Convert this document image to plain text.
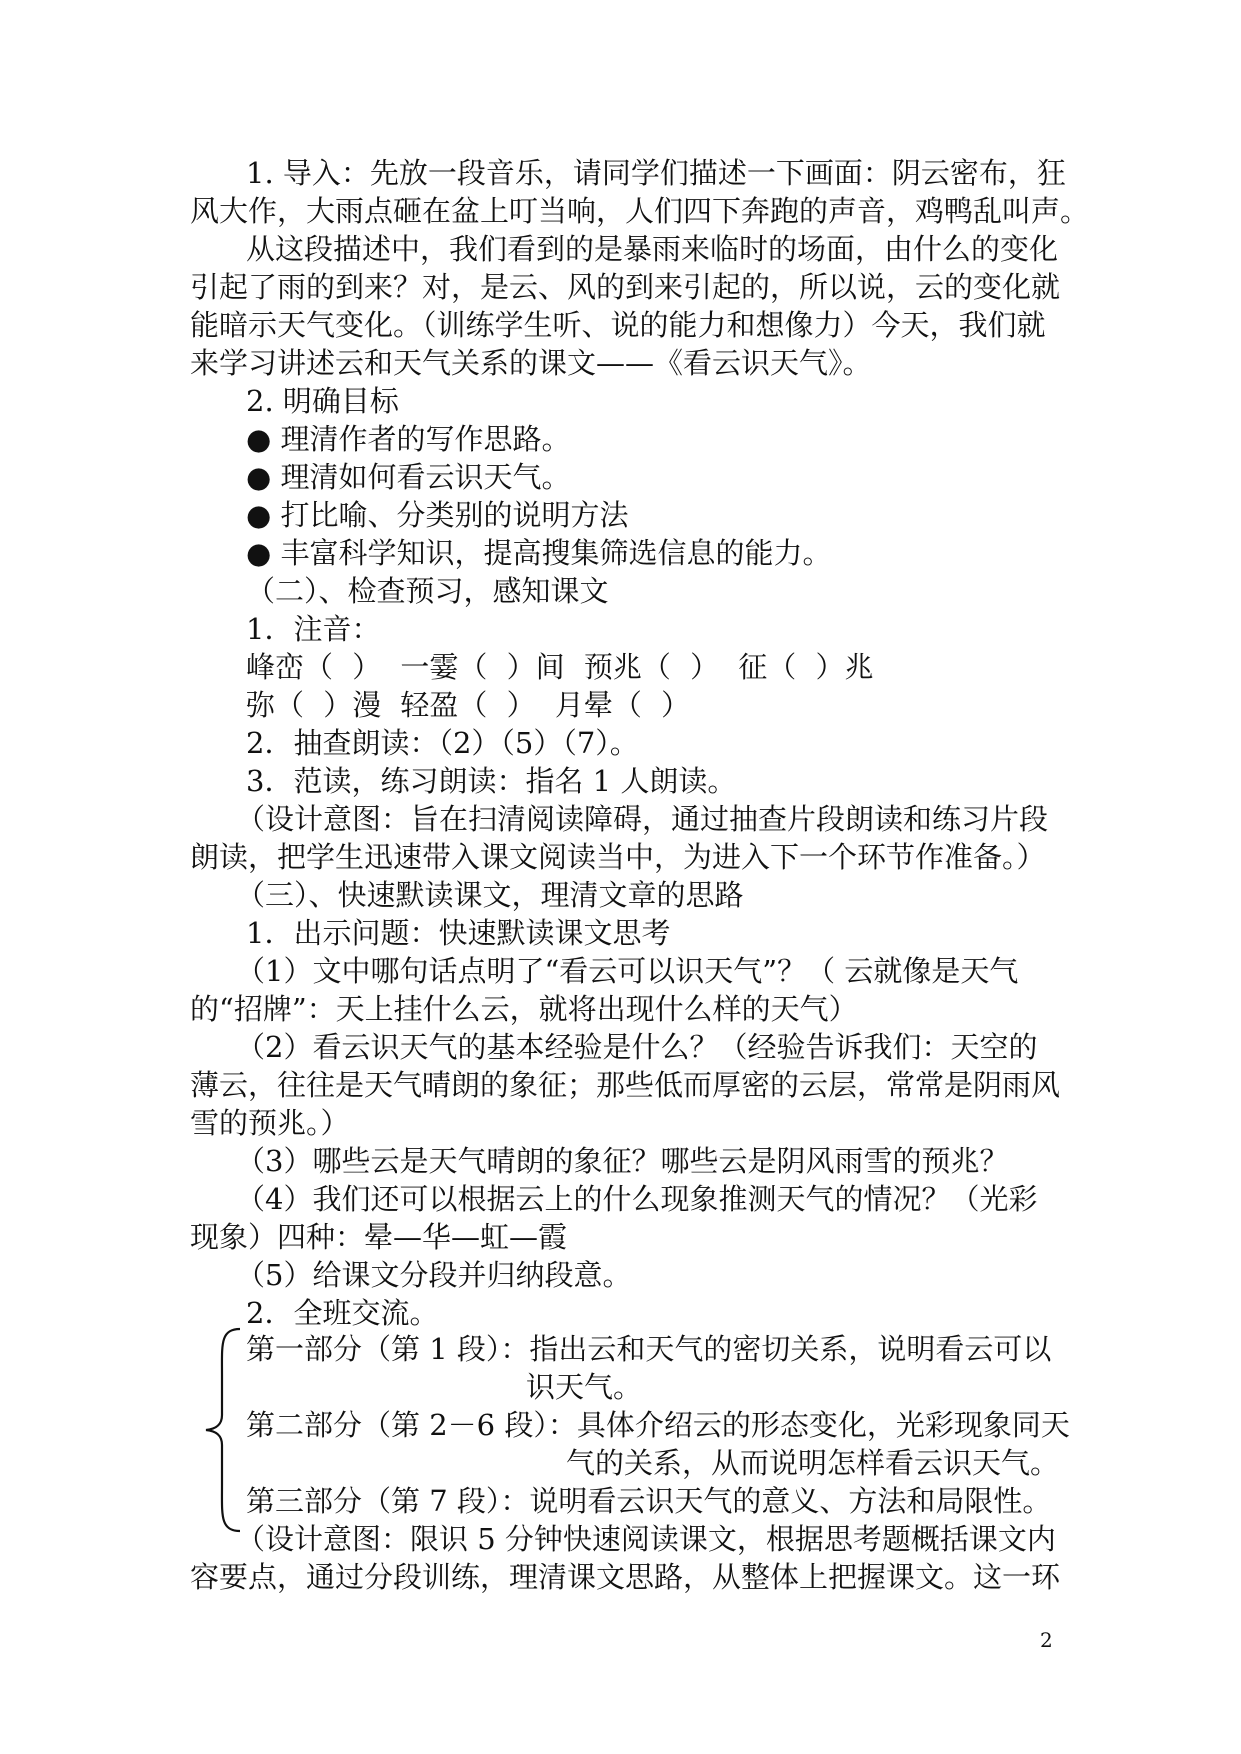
1. 导入：先放一段音乐，请同学们描述一下画面：阴云密布，狂
风大作，大雨点砸在盆上叮当响，人们四下奔跑的声音，鸡鸭乱叫声。
从这段描述中，我们看到的是暴雨来临时的场面，由什么的变化
引起了雨的到来？对，是云、风的到来引起的，所以说，云的变化就
能暗示天气变化。（训练学生听、说的能力和想像力）今天，我们就
来学习讲述云和天气关系的课文——《看云识天气》。
2. 明确目标
● 理清作者的写作思路。
● 理清如何看云识天气。
● 打比喻、分类别的说明方法
● 丰富科学知识，提高搜集筛选信息的能力。
（二）、检查预习，感知课文
1．注音：
峰峦（ ） 一霎（ ）间 预兆（ ） 征（ ）兆
弥（ ）漫 轻盈（ ） 月晕（ ）
2．抽查朗读：（2）（5）（7）。
3．范读，练习朗读：指名 1 人朗读。
（设计意图：旨在扫清阅读障碍，通过抽查片段朗读和练习片段
朗读，把学生迅速带入课文阅读当中，为进入下一个环节作准备。）
（三）、快速默读课文，理清文章的思路
1．出示问题：快速默读课文思考
（1）文中哪句话点明了“看云可以识天气”？（ 云就像是天气
的“招牌”：天上挂什么云，就将出现什么样的天气）
（2）看云识天气的基本经验是什么？（经验告诉我们：天空的
薄云，往往是天气晴朗的象征；那些低而厚密的云层，常常是阴雨风
雪的预兆。）
（3）哪些云是天气晴朗的象征？哪些云是阴风雨雪的预兆？
（4）我们还可以根据云上的什么现象推测天气的情况？（光彩
现象）四种：晕—华—虹—霞
（5）给课文分段并归纳段意。
2．全班交流。
第一部分（第 1 段）：指出云和天气的密切关系，说明看云可以
识天气。
第二部分（第 2－6 段）：具体介绍云的形态变化，光彩现象同天
气的关系，从而说明怎样看云识天气。
第三部分（第 7 段）：说明看云识天气的意义、方法和局限性。
（设计意图：限识 5 分钟快速阅读课文，根据思考题概括课文内
容要点，通过分段训练，理清课文思路，从整体上把握课文。这一环
2
